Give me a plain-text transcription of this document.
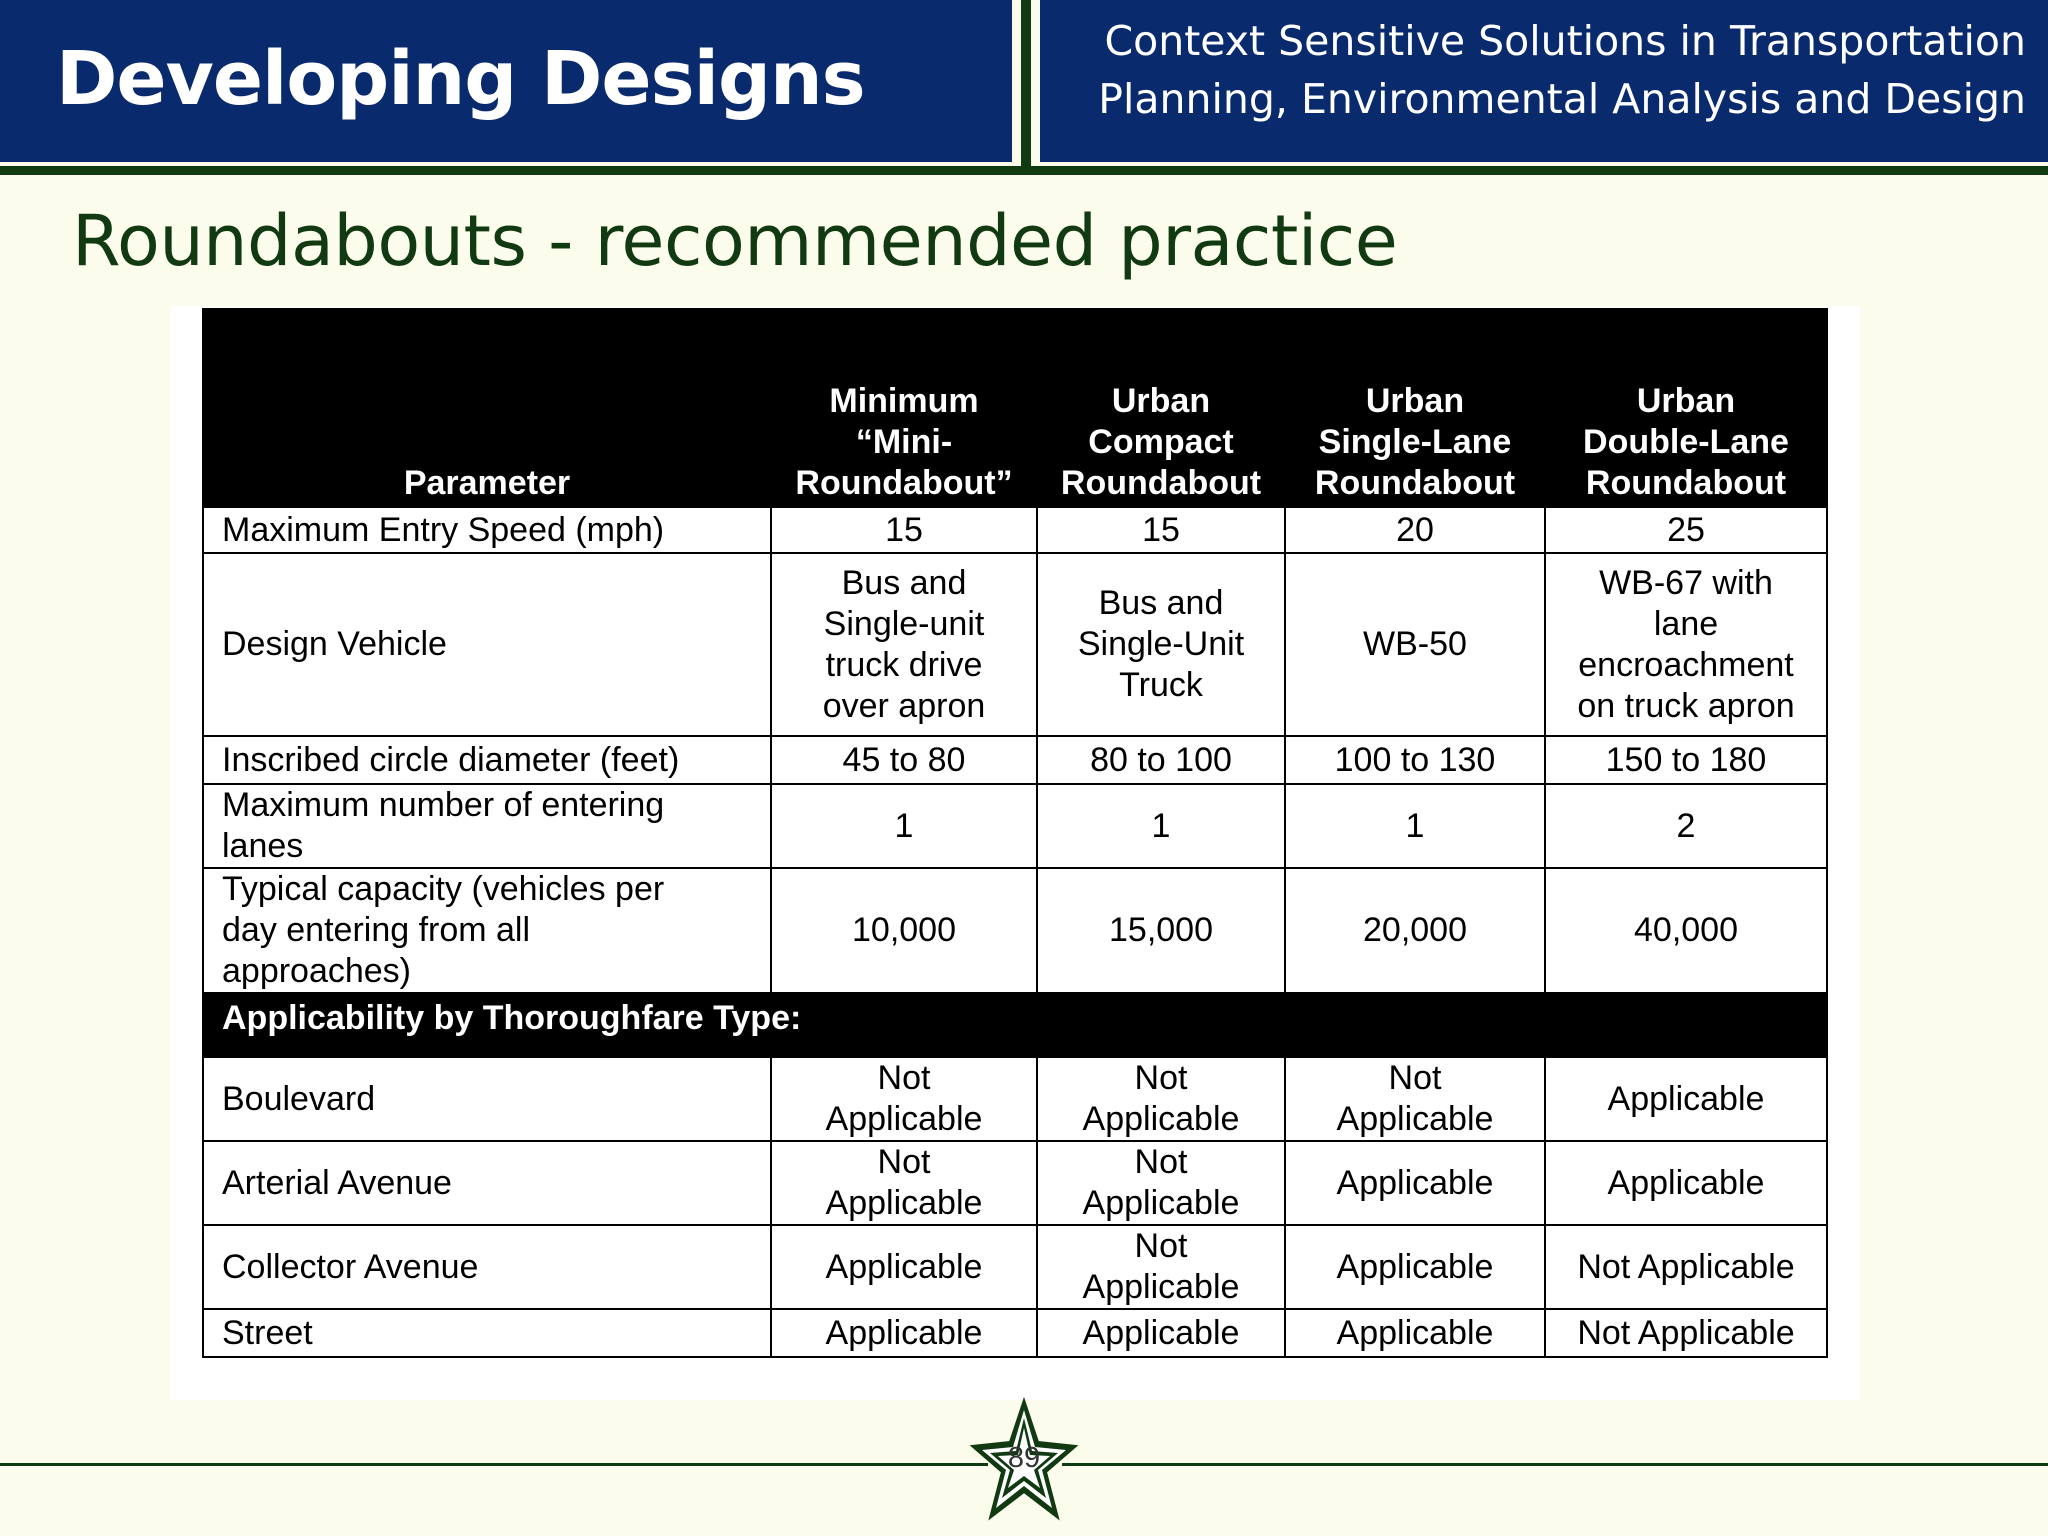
Developing Designs	Context Sensitive Solutions in Transportation
Planning, Environmental Analysis and Design
Roundabouts - recommended practice
Parameter	Minimum
“Mini-
Roundabout”	Urban
Compact
Roundabout	Urban
Single-Lane
Roundabout	Urban
Double-Lane
Roundabout
Maximum Entry Speed (mph)	15	15	20	25
Design Vehicle	Bus and
Single-unit
truck drive
over apron	Bus and
Single-Unit
Truck	WB-50	WB-67 with
lane
encroachment
on truck apron
Inscribed circle diameter (feet)	45 to 80	80 to 100	100 to 130	150 to 180
Maximum number of entering
lanes	1	1	1	2
Typical capacity (vehicles per
day entering from all
approaches)	10,000	15,000	20,000	40,000
Applicability by Thoroughfare Type:				
Boulevard	Not
Applicable	Not
Applicable	Not
Applicable	Applicable
Arterial Avenue	Not
Applicable	Not
Applicable	Applicable	Applicable
Collector Avenue	Applicable	Not
Applicable	Applicable	Not Applicable
Street	Applicable	Applicable	Applicable	Not Applicable
89
